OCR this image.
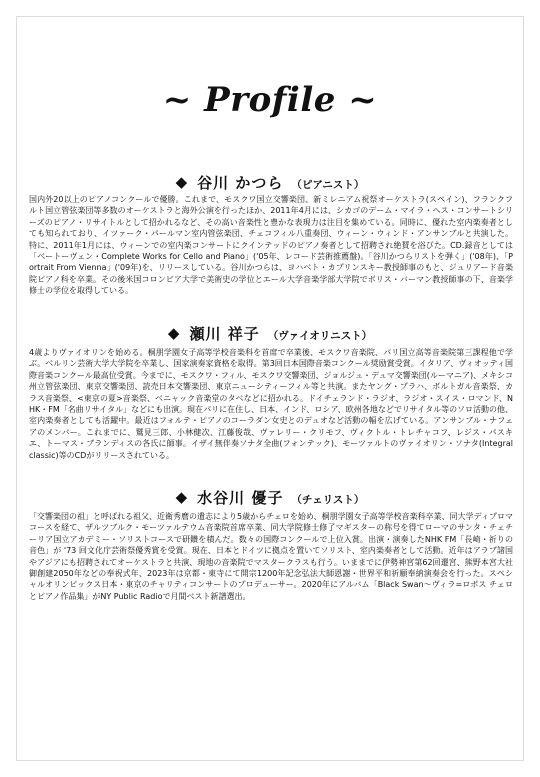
~ Profile ~
◆ 谷川 かつら （ピアニスト）
国内外20以上のピアノコンクールで優勝。これまで、モスクワ国立交響楽団、新ミレニアム祝祭オーケストラ(スペイン)、フランクフルト国立管弦楽団等多数のオーケストラと海外公演を行ったほか、2011年4月には、シカゴのデーム・マイラ・ヘス・コンサートシリーズのピアノ・リサイトルとして招かれるなど、その高い音楽性と豊かな表現力は注目を集めている。同時に、優れた室内楽奏者としても知られており、イツァーク・パールマン室内管弦楽団、チェコフィル八重奏団、ウィーン・ウィンド・アンサンブルと共演した。特に、2011年1月には、ウィーンでの室内楽コンサートにクインテッドのピアノ奏者として招聘され絶賛を浴びた。CD.録音としては「ベートーヴェン・Complete Works for Cello and Piano」('05年、レコード芸術推薦盤)。「谷川かつらリストを弾く」('08年)、「Portrait From Vienna」('09年)を、リリースしている。谷川かつらは、ヨハベト・カプリンスキー教授師事のもと、ジュリアード音楽院ピアノ科を卒業。その後米国コロンビア大学で美術史の学位とエール大学音楽学部大学院でボリス・バーマン教授師事の下、音楽学修士の学位を取得している。
◆ 瀬川 祥子 （ヴァイオリニスト）
4歳よりヴァイオリンを始める。桐朋学園女子高等学校音楽科を首席で卒業後、モスクワ音楽院、パリ国立高等音楽院第三課程他で学ぶ。ベルリン芸術大学大学院を卒業し、国家演奏家資格を取得。第3回日本国際音楽コンクール奨励賞受賞。イタリア、ヴィオッティ国際音楽コンクール最高位受賞。今までに、モスクワ・フィル、モスクワ交響楽団、ジョルジュ・デュマ交響楽団(ルーマニア)、メキシコ州立管弦楽団、東京交響楽団、読売日本交響楽団、東京ニューシティーフィル等と共演。またヤング・プラハ、ボルトガル音楽祭、カラス音楽祭、<東京の夏>音楽祭、ベニャック音楽堂のタベなどに招かれる。ドイチェランド・ラジオ、ラジオ・スイス・ロマンド、NHK・FM「名曲リサイタル」などにも出演。現在パリに在住し、日本、インド、ロシア、欧州各地などでリサイタル等のソロ活動の他、室内楽奏者としても活躍中。最近はフォルテ・ピアノのコーラダン女史とのデュオなど活動の幅を広げている。アンサンブル・ナフェアのメンバー。これまでに、鷲見三郎、小林健次、江藤俊哉、ヴァレリー・クリモフ、ヴィクトル・トレチャコフ、レジス・パスキエ、トーマス・ブランディスの各氏に師事。イザイ無伴奏ソナタ全曲(フォンテック)、モーツァルトのヴァイオリン・ソナタ(Integral classic)等のCDがリリースされている。
◆ 水谷川 優子 （チェリスト）
「交響楽団の祖」と呼ばれる祖父、近衛秀麿の遺志により5歳からチェロを始め、桐朋学園女子高等学校音楽科卒業、同大学ディプロマコースを経て、ザルツブルク・モーツァルテウム音楽院首席卒業、同大学院修士修了マギスターの称号を得てローマのサンタ・チェチーリア国立アカデミー・ソリストコースで研鑽を積んだ。数々の国際コンクールで上位入賞。出演・演奏したNHK FM「長崎・祈りの音色」が '73 回文化庁芸術祭優秀賞を受賞。現在、日本とドイツに拠点を置いてソリスト、室内楽奏者として活動。近年はアラブ諸国やアジアにも招聘されてオーケストラと共演、現地の音楽院でマスタークラスも行う。いままでに伊勢神宮第62回遷宮、熊野本宮大社御創建2050年などの奉祝式年、2023年は京都・東寺にて開宗1200年記念弘法大師恩謝・世界平和祈願奉納演奏会を行った。スペシャルオリンピックス日本・東京のチャリティコンサートのプロデューサー。2020年にアルバム「Black Swan～ヴィラ=ロボス チェロとピアノ作品集」がNY Public Radioで月間ベスト新譜選出。
